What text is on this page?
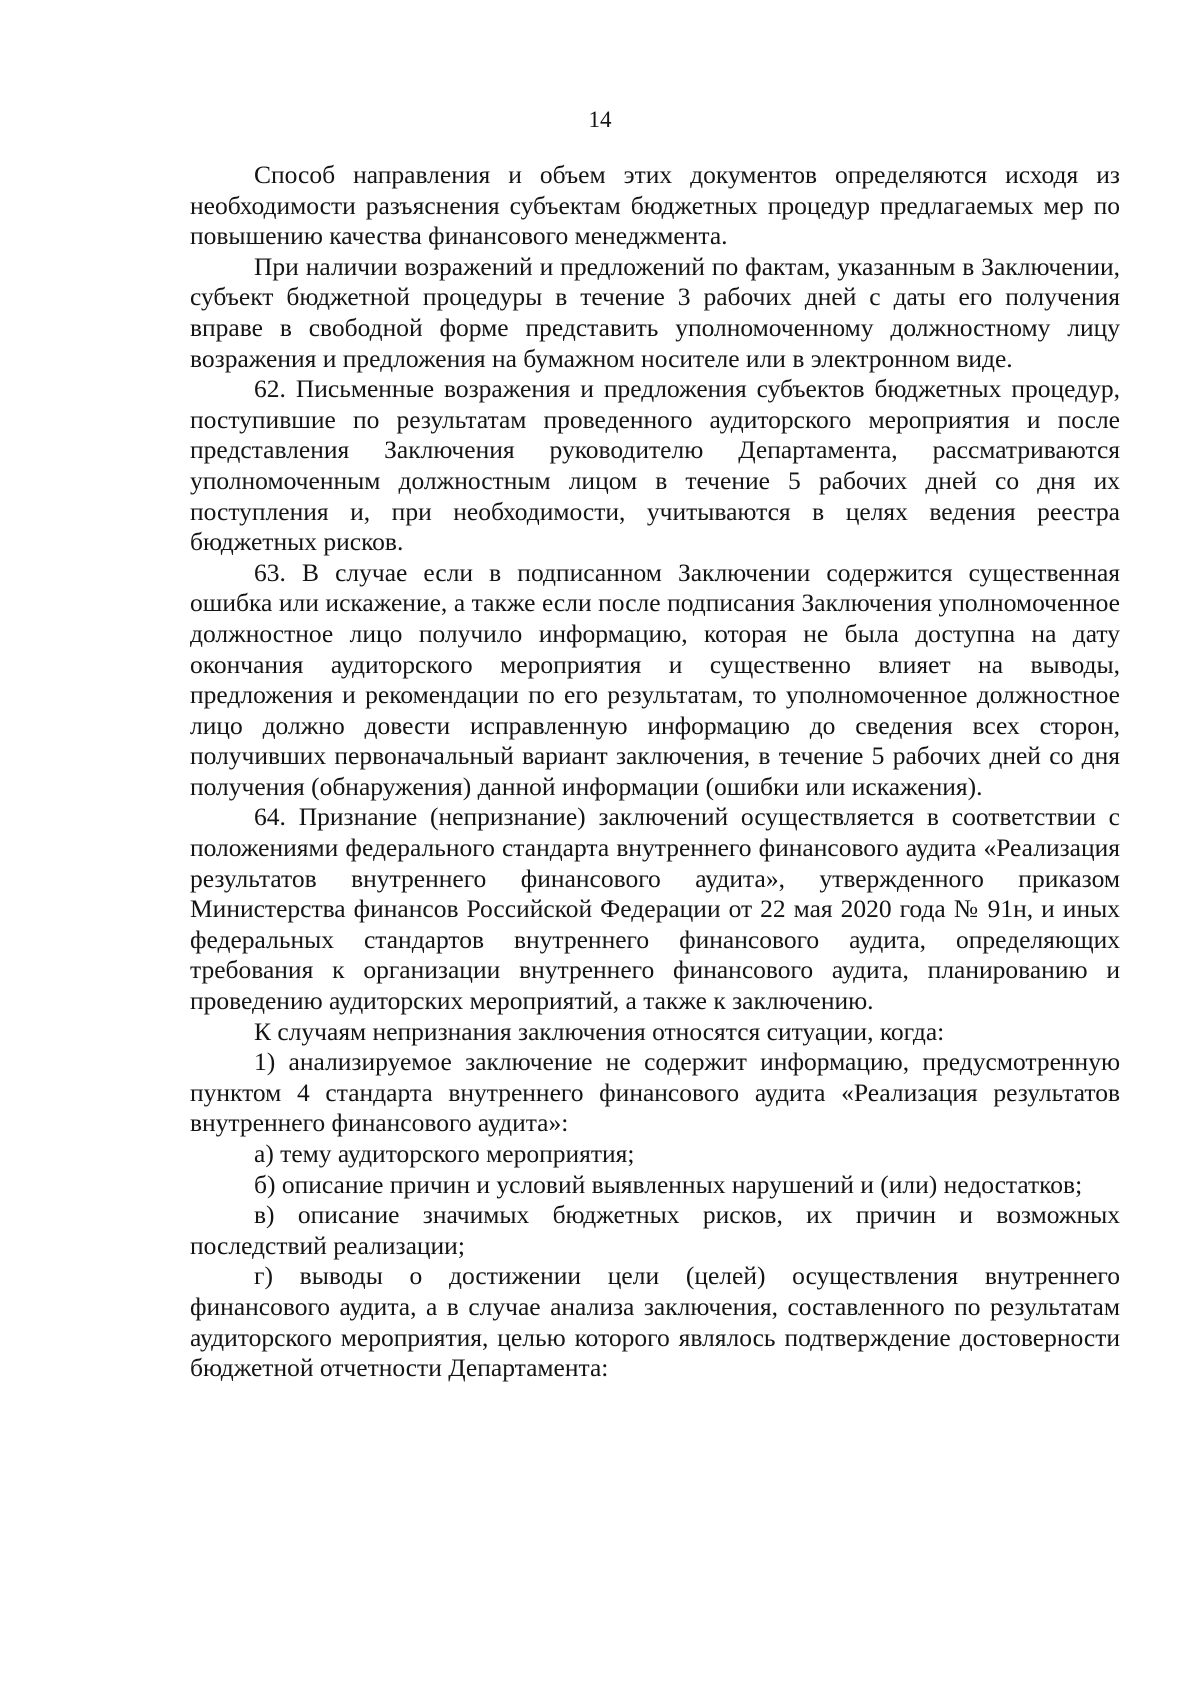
14

Способ направления и объем этих документов определяются исходя из необходимости разъяснения субъектам бюджетных процедур предлагаемых мер по повышению качества финансового менеджмента.

При наличии возражений и предложений по фактам, указанным в Заключении, субъект бюджетной процедуры в течение 3 рабочих дней с даты его получения вправе в свободной форме представить уполномоченному должностному лицу возражения и предложения на бумажном носителе или в электронном виде.

62. Письменные возражения и предложения субъектов бюджетных процедур, поступившие по результатам проведенного аудиторского мероприятия и после представления Заключения руководителю Департамента, рассматриваются уполномоченным должностным лицом в течение 5 рабочих дней со дня их поступления и, при необходимости, учитываются в целях ведения реестра бюджетных рисков.

63. В случае если в подписанном Заключении содержится существенная ошибка или искажение, а также если после подписания Заключения уполномоченное должностное лицо получило информацию, которая не была доступна на дату окончания аудиторского мероприятия и существенно влияет на выводы, предложения и рекомендации по его результатам, то уполномоченное должностное лицо должно довести исправленную информацию до сведения всех сторон, получивших первоначальный вариант заключения, в течение 5 рабочих дней со дня получения (обнаружения) данной информации (ошибки или искажения).

64. Признание (непризнание) заключений осуществляется в соответствии с положениями федерального стандарта внутреннего финансового аудита «Реализация результатов внутреннего финансового аудита», утвержденного приказом Министерства финансов Российской Федерации от 22 мая 2020 года № 91н, и иных федеральных стандартов внутреннего финансового аудита, определяющих требования к организации внутреннего финансового аудита, планированию и проведению аудиторских мероприятий, а также к заключению.

К случаям непризнания заключения относятся ситуации, когда:

1) анализируемое заключение не содержит информацию, предусмотренную пунктом 4 стандарта внутреннего финансового аудита «Реализация результатов внутреннего финансового аудита»:

а) тему аудиторского мероприятия;

б) описание причин и условий выявленных нарушений и (или) недостатков;

в) описание значимых бюджетных рисков, их причин и возможных последствий реализации;

г) выводы о достижении цели (целей) осуществления внутреннего финансового аудита, а в случае анализа заключения, составленного по результатам аудиторского мероприятия, целью которого являлось подтверждение достоверности бюджетной отчетности Департамента:
